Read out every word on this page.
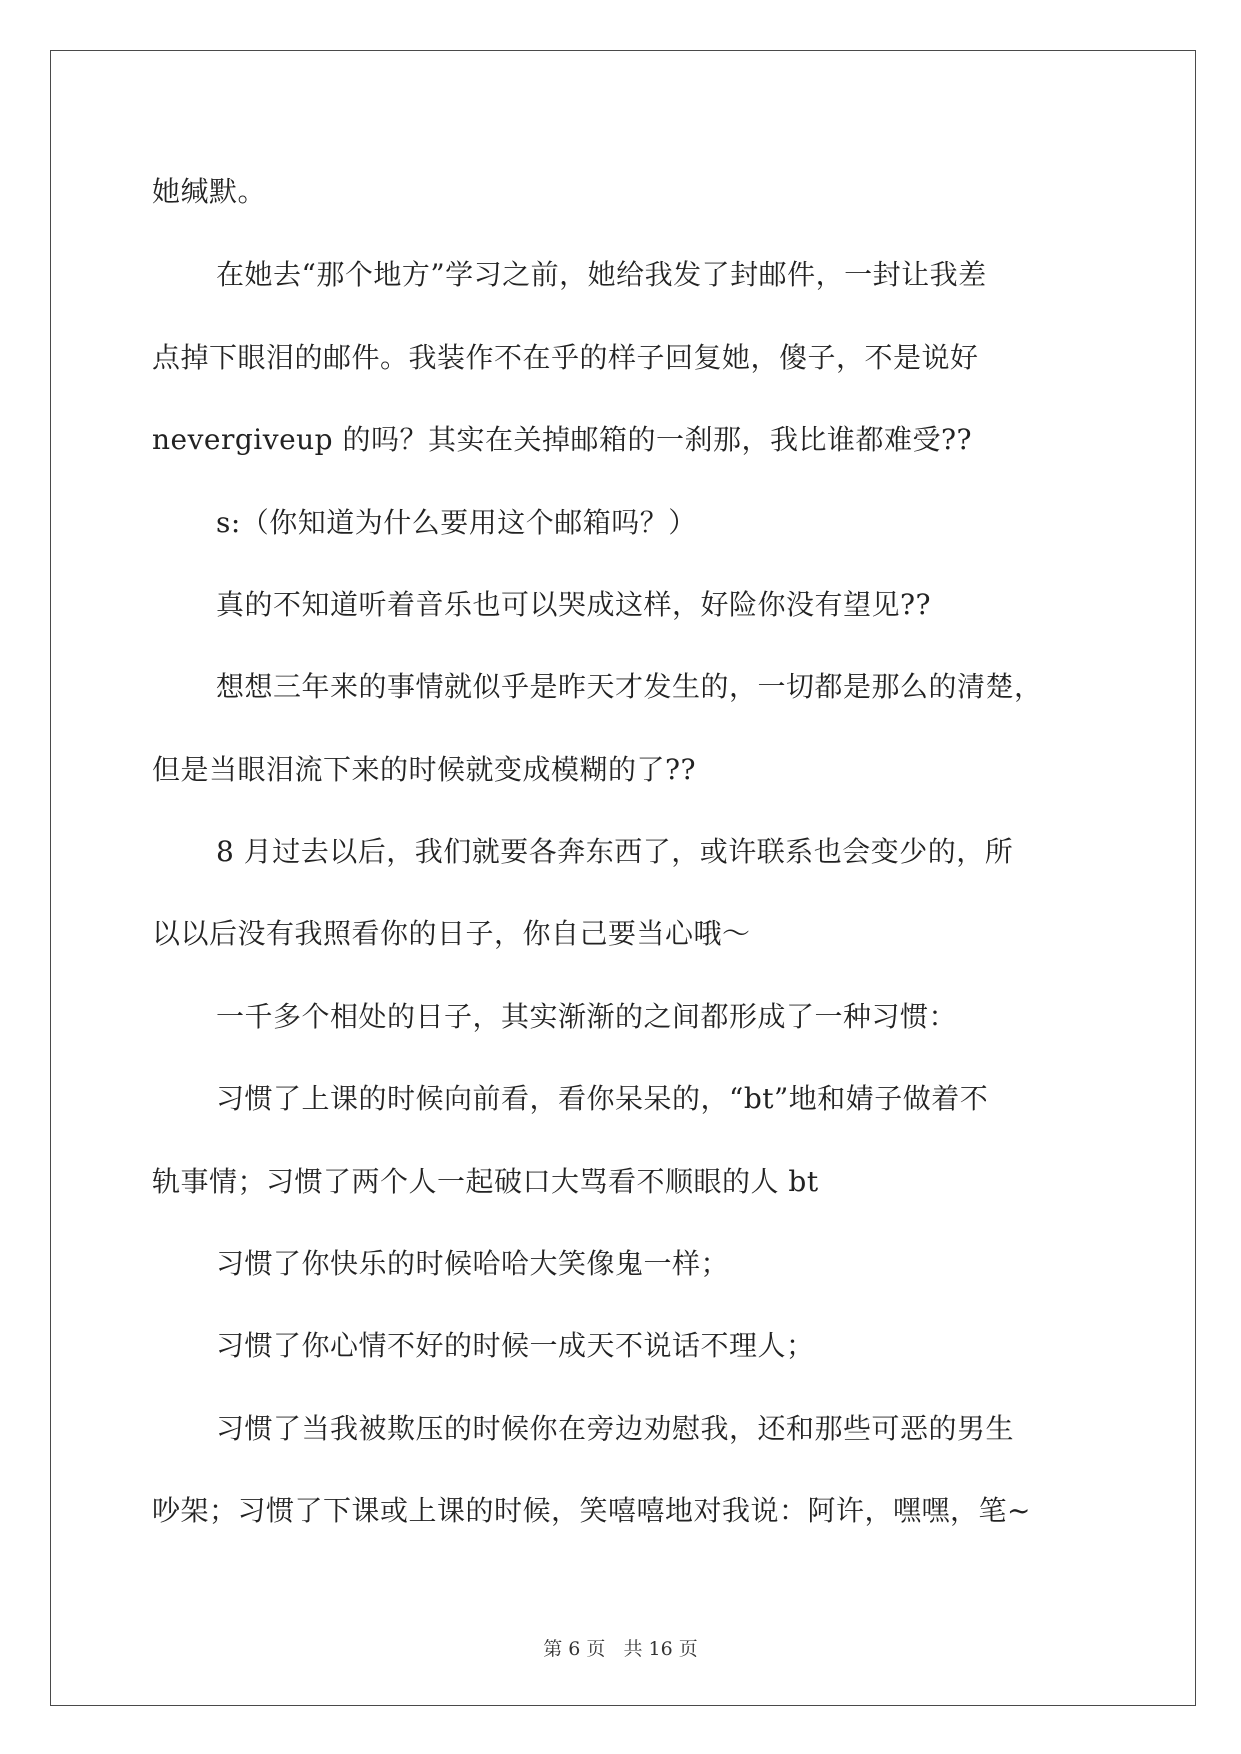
她缄默。
在她去“那个地方”学习之前，她给我发了封邮件，一封让我差
点掉下眼泪的邮件。我装作不在乎的样子回复她，傻子，不是说好
nevergiveup 的吗？其实在关掉邮箱的一刹那，我比谁都难受??
s:（你知道为什么要用这个邮箱吗？）
真的不知道听着音乐也可以哭成这样，好险你没有望见??
想想三年来的事情就似乎是昨天才发生的，一切都是那么的清楚，
但是当眼泪流下来的时候就变成模糊的了??
8 月过去以后，我们就要各奔东西了，或许联系也会变少的，所
以以后没有我照看你的日子，你自己要当心哦～
一千多个相处的日子，其实渐渐的之间都形成了一种习惯：
习惯了上课的时候向前看，看你呆呆的，“bt”地和婧子做着不
轨事情；习惯了两个人一起破口大骂看不顺眼的人 bt
习惯了你快乐的时候哈哈大笑像鬼一样；
习惯了你心情不好的时候一成天不说话不理人；
习惯了当我被欺压的时候你在旁边劝慰我，还和那些可恶的男生
吵架；习惯了下课或上课的时候，笑嘻嘻地对我说：阿许，嘿嘿，笔~
第 6 页 共 16 页
